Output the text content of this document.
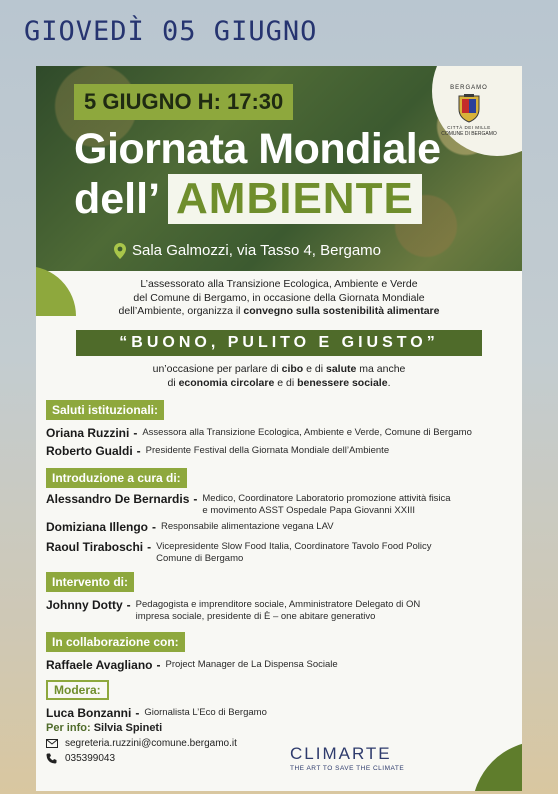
GIOVEDÌ 05 GIUGNO
BERGAMO
CITTÀ DEI MILLE
COMUNE DI BERGAMO
5 GIUGNO H: 17:30
Giornata Mondiale
dell’ AMBIENTE
Sala Galmozzi, via Tasso 4, Bergamo
L’assessorato alla Transizione Ecologica, Ambiente e Verde
del Comune di Bergamo, in occasione della Giornata Mondiale
dell’Ambiente, organizza il convegno sulla sostenibilità alimentare
“BUONO, PULITO E GIUSTO”
un’occasione per parlare di cibo e di salute ma anche
di economia circolare e di benessere sociale.
Saluti istituzionali:
Oriana Ruzzini - Assessora alla Transizione Ecologica, Ambiente e Verde, Comune di Bergamo
Roberto Gualdi - Presidente Festival della Giornata Mondiale dell’Ambiente
Introduzione a cura di:
Alessandro De Bernardis - Medico, Coordinatore Laboratorio promozione attività fisica
e movimento ASST Ospedale Papa Giovanni XXIII
Domiziana Illengo - Responsabile alimentazione vegana LAV
Raoul Tiraboschi - Vicepresidente Slow Food Italia, Coordinatore Tavolo Food Policy
Comune di Bergamo
Intervento di:
Johnny Dotty - Pedagogista e imprenditore sociale, Amministratore Delegato di ON
impresa sociale, presidente di È – one abitare generativo
In collaborazione con:
Raffaele Avagliano - Project Manager de La Dispensa Sociale
Modera:
Luca Bonzanni - Giornalista L’Eco di Bergamo
Per info: Silvia Spineti
segreteria.ruzzini@comune.bergamo.it
035399043	CLIMARTE
THE ART TO SAVE THE CLIMATE
